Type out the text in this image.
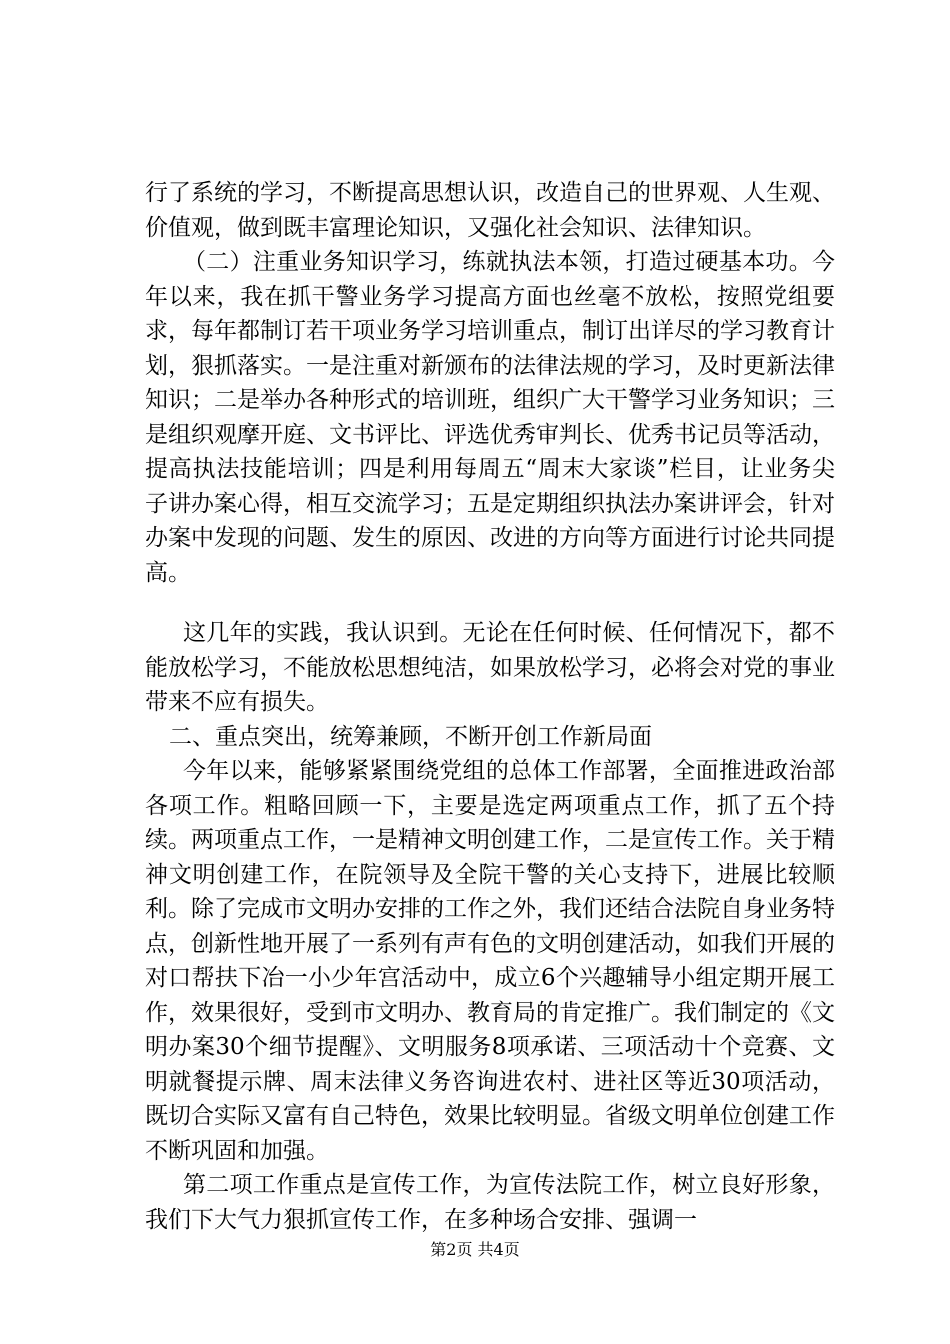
行了系统的学习，不断提高思想认识，改造自己的世界观、人生观、价值观，做到既丰富理论知识，又强化社会知识、法律知识。

（二）注重业务知识学习，练就执法本领，打造过硬基本功。今年以来，我在抓干警业务学习提高方面也丝毫不放松，按照党组要求，每年都制订若干项业务学习培训重点，制订出详尽的学习教育计划，狠抓落实。一是注重对新颁布的法律法规的学习，及时更新法律知识；二是举办各种形式的培训班，组织广大干警学习业务知识；三是组织观摩开庭、文书评比、评选优秀审判长、优秀书记员等活动，提高执法技能培训；四是利用每周五“周末大家谈”栏目，让业务尖子讲办案心得，相互交流学习；五是定期组织执法办案讲评会，针对办案中发现的问题、发生的原因、改进的方向等方面进行讨论共同提高。

这几年的实践，我认识到。无论在任何时候、任何情况下，都不能放松学习，不能放松思想纯洁，如果放松学习，必将会对党的事业带来不应有损失。

二、重点突出，统筹兼顾，不断开创工作新局面

今年以来，能够紧紧围绕党组的总体工作部署，全面推进政治部各项工作。粗略回顾一下，主要是选定两项重点工作，抓了五个持续。两项重点工作，一是精神文明创建工作，二是宣传工作。关于精神文明创建工作，在院领导及全院干警的关心支持下，进展比较顺利。除了完成市文明办安排的工作之外，我们还结合法院自身业务特点，创新性地开展了一系列有声有色的文明创建活动，如我们开展的对口帮扶下冶一小少年宫活动中，成立6个兴趣辅导小组定期开展工作，效果很好，受到市文明办、教育局的肯定推广。我们制定的《文明办案30个细节提醒》、文明服务8项承诺、三项活动十个竞赛、文明就餐提示牌、周末法律义务咨询进农村、进社区等近30项活动，既切合实际又富有自己特色，效果比较明显。省级文明单位创建工作不断巩固和加强。

第二项工作重点是宣传工作，为宣传法院工作，树立良好形象，我们下大气力狠抓宣传工作，在多种场合安排、强调一

第2页 共4页
